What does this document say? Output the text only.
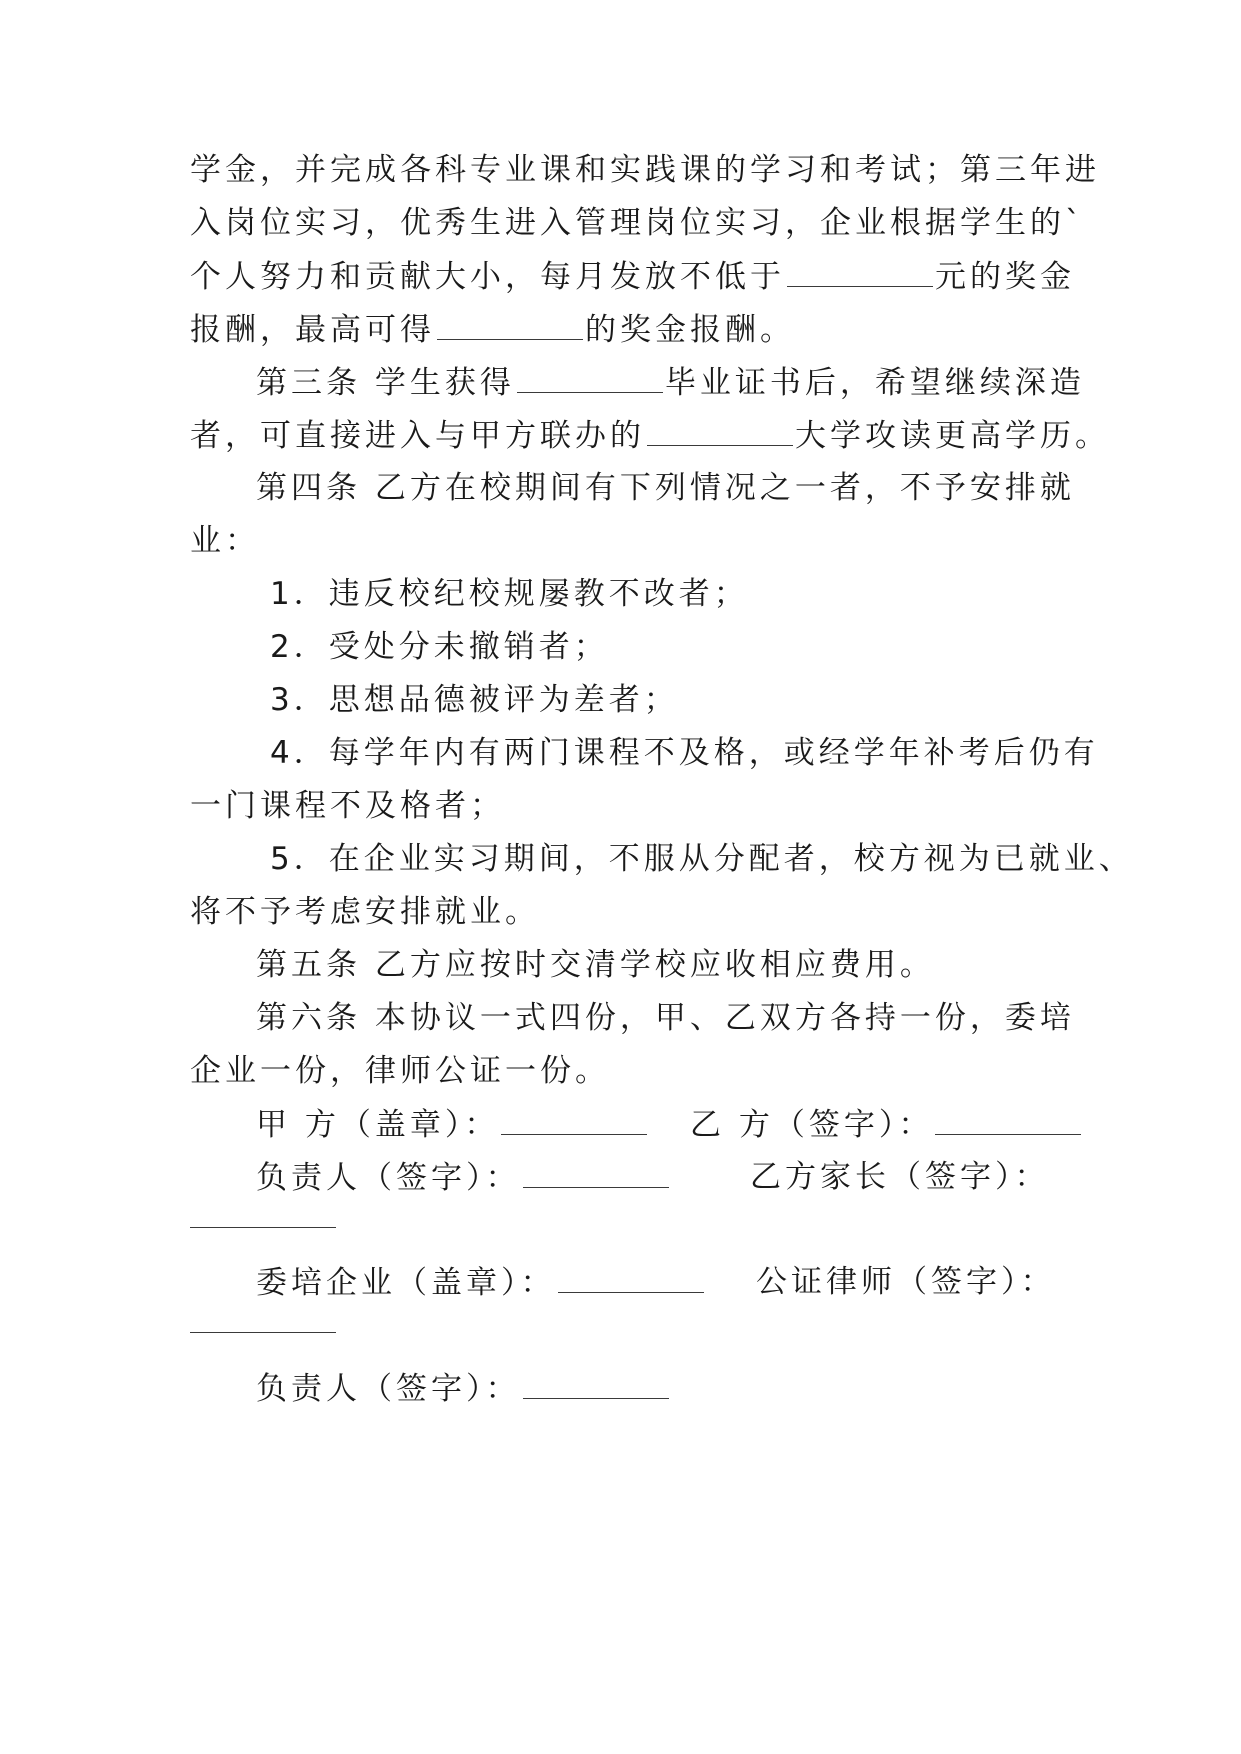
学金，并完成各科专业课和实践课的学习和考试；第三年进
入岗位实习，优秀生进入管理岗位实习，企业根据学生的`
个人努力和贡献大小，每月发放不低于	元的奖金
报酬，最高可得	的奖金报酬。
第三条 学生获得	毕业证书后，希望继续深造
者，可直接进入与甲方联办的	大学攻读更高学历。
第四条 乙方在校期间有下列情况之一者，不予安排就
业：
1．违反校纪校规屡教不改者；
2．受处分未撤销者；
3．思想品德被评为差者；
4．每学年内有两门课程不及格，或经学年补考后仍有
一门课程不及格者；
5．在企业实习期间，不服从分配者，校方视为已就业、
将不予考虑安排就业。
第五条 乙方应按时交清学校应收相应费用。
第六条 本协议一式四份，甲、乙双方各持一份，委培
企业一份，律师公证一份。
甲 方（盖章）：	乙 方（签字）：
负责人（签字）：	乙方家长（签字）：
委培企业（盖章）：	公证律师（签字）：
负责人（签字）：
